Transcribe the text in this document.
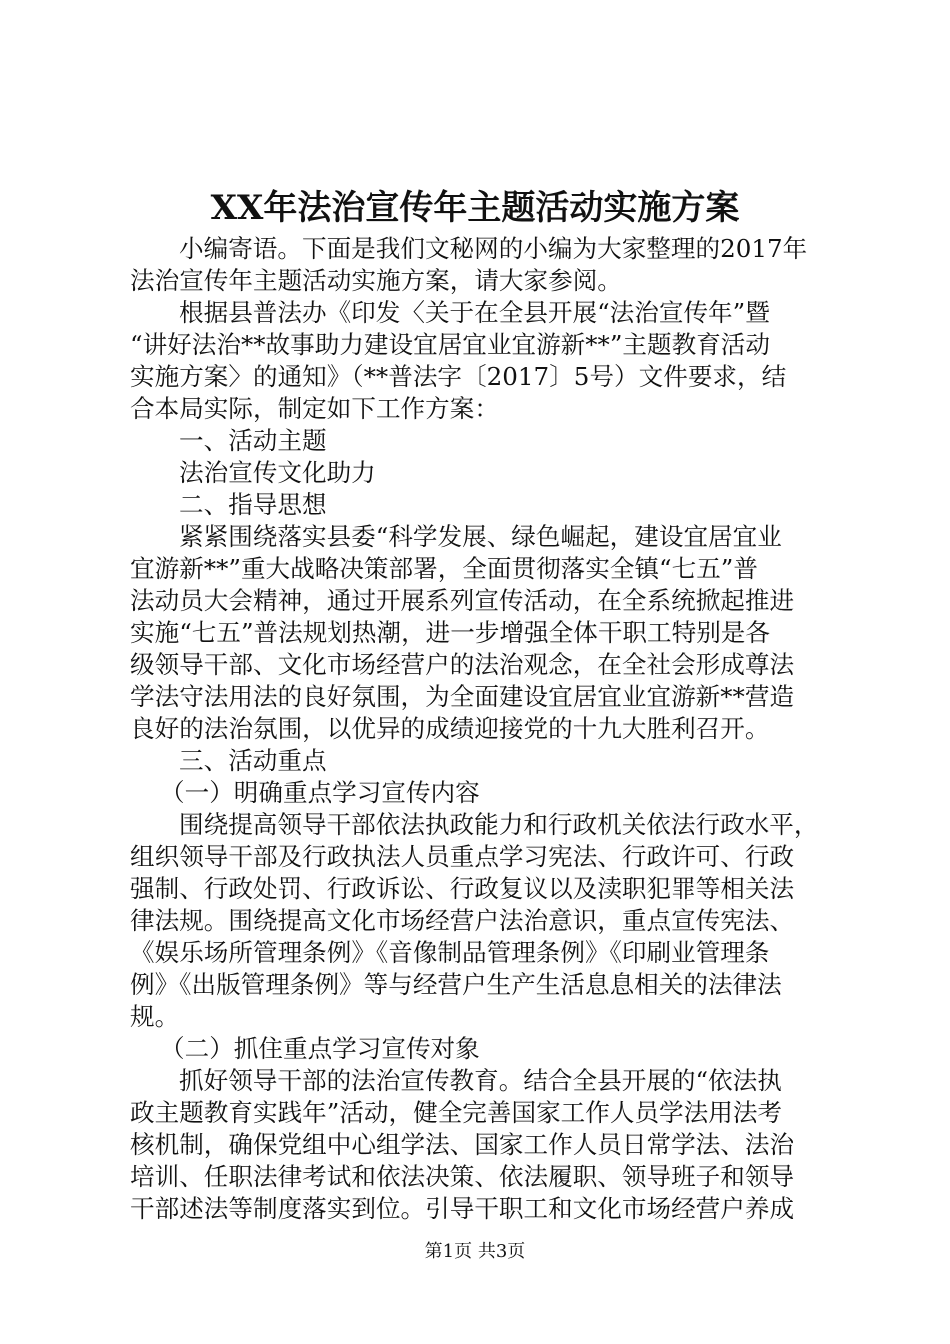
XX年法治宣传年主题活动实施方案
小编寄语。下面是我们文秘网的小编为大家整理的2017年
法治宣传年主题活动实施方案，请大家参阅。
根据县普法办《印发〈关于在全县开展“法治宣传年”暨
“讲好法治**故事助力建设宜居宜业宜游新**”主题教育活动
实施方案〉的通知》（**普法字〔2017〕5号）文件要求，结
合本局实际，制定如下工作方案：
一、活动主题
法治宣传文化助力
二、指导思想
紧紧围绕落实县委“科学发展、绿色崛起，建设宜居宜业
宜游新**”重大战略决策部署，全面贯彻落实全镇“七五”普
法动员大会精神，通过开展系列宣传活动，在全系统掀起推进
实施“七五”普法规划热潮，进一步增强全体干职工特别是各
级领导干部、文化市场经营户的法治观念，在全社会形成尊法
学法守法用法的良好氛围，为全面建设宜居宜业宜游新**营造
良好的法治氛围，以优异的成绩迎接党的十九大胜利召开。
三、活动重点
（一）明确重点学习宣传内容
围绕提高领导干部依法执政能力和行政机关依法行政水平，
组织领导干部及行政执法人员重点学习宪法、行政许可、行政
强制、行政处罚、行政诉讼、行政复议以及渎职犯罪等相关法
律法规。围绕提高文化市场经营户法治意识，重点宣传宪法、
《娱乐场所管理条例》《音像制品管理条例》《印刷业管理条
例》《出版管理条例》等与经营户生产生活息息相关的法律法
规。
（二）抓住重点学习宣传对象
抓好领导干部的法治宣传教育。结合全县开展的“依法执
政主题教育实践年”活动，健全完善国家工作人员学法用法考
核机制，确保党组中心组学法、国家工作人员日常学法、法治
培训、任职法律考试和依法决策、依法履职、领导班子和领导
干部述法等制度落实到位。引导干职工和文化市场经营户养成
第1页 共3页
